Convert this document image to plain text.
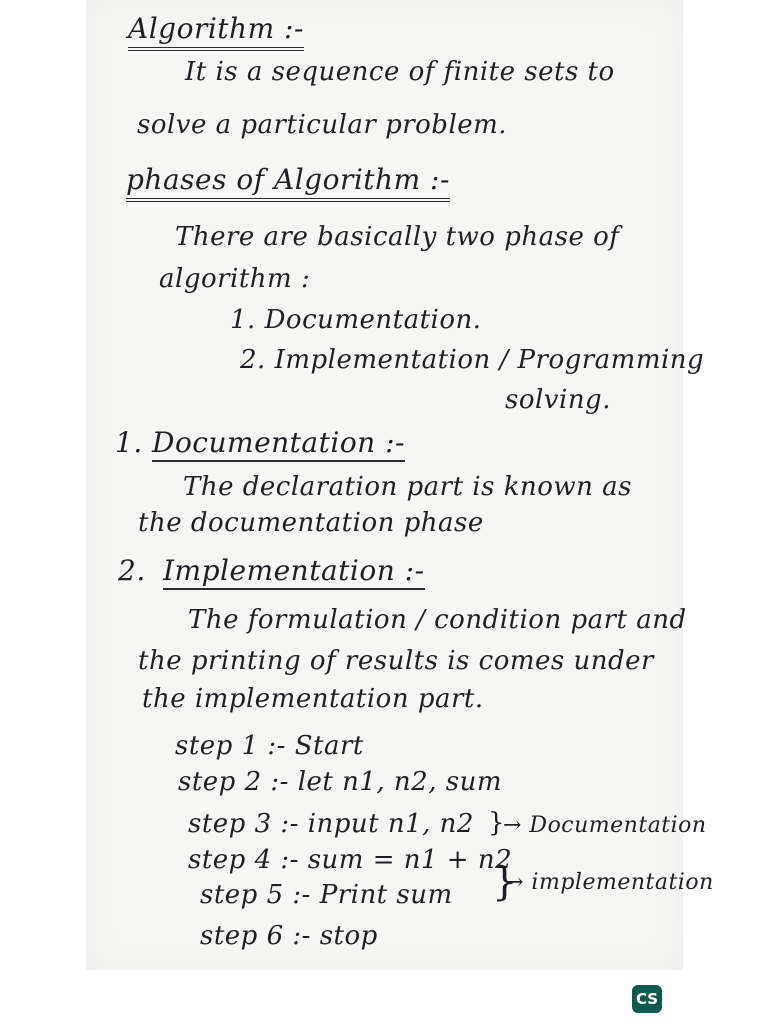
Algorithm :-
It is a sequence of finite sets to
solve a particular problem.
phases of Algorithm :-
There are basically two phase of
algorithm :
1. Documentation.
2. Implementation / Programming
solving.
1. Documentation :-
The declaration part is known as
the documentation phase
2. Implementation :-
The formulation / condition part and
the printing of results is comes under
the implementation part.
step 1 :- Start
step 2 :- let n1, n2, sum
step 3 :- input n1, n2
step 4 :- sum = n1 + n2
step 5 :- Print sum
step 6 :- stop
}
→ Documentation
}
→ implementation
CS
